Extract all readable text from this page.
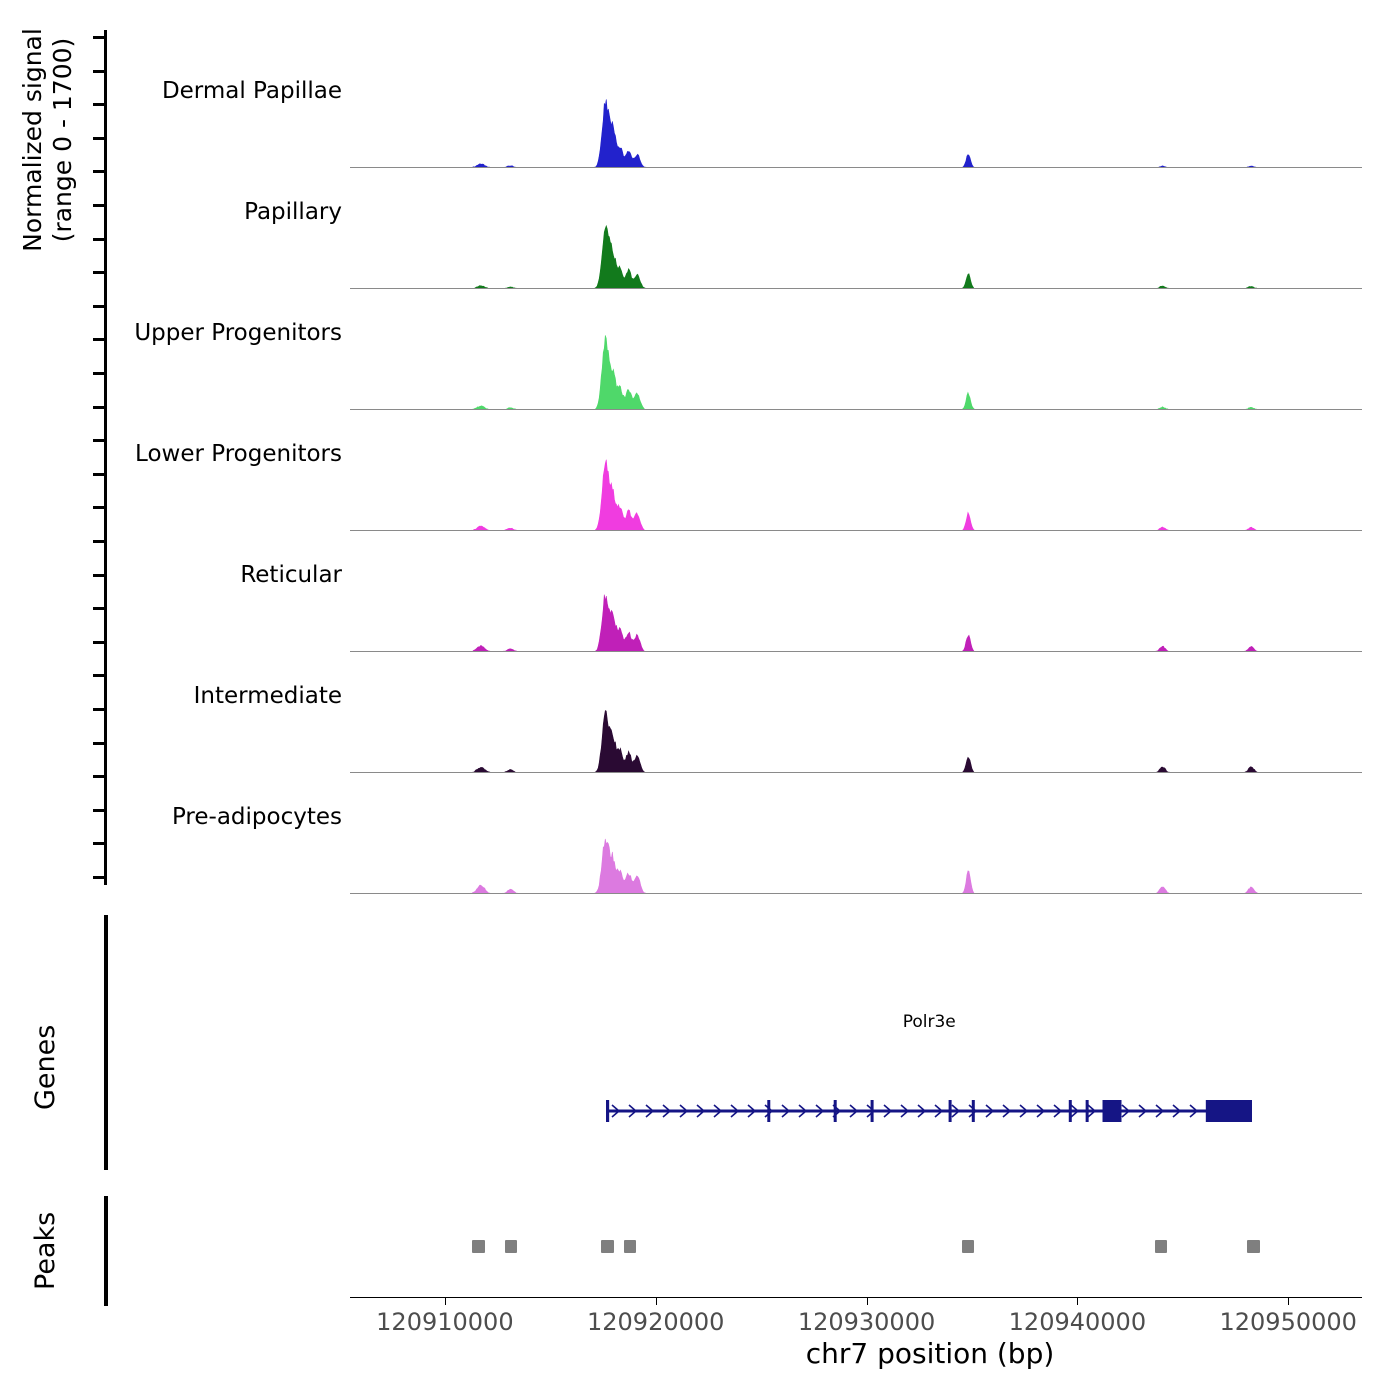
Normalized signal (range 0 - 1700)	Dermal Papillae
Papillary
Upper Progenitors
Lower Progenitors
Reticular
Intermediate
Pre-adipocytes
Genes
Polr3e
Peaks
120910000	120920000	120930000	120940000	120950000
chr7 position (bp)
